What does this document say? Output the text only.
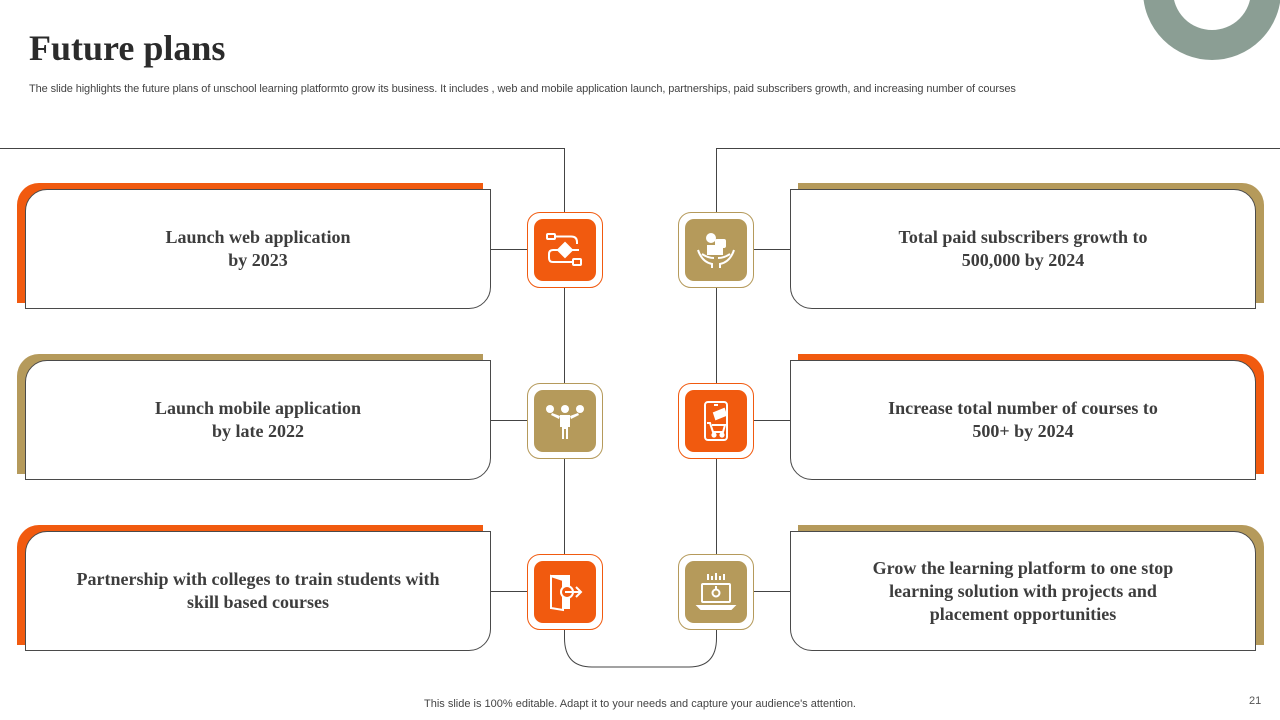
Future plans
The slide highlights the future plans of unschool learning platformto grow its business. It includes , web and mobile application launch, partnerships, paid subscribers growth, and increasing number of courses
Launch web application
by 2023
Launch mobile application
by late 2022
Partnership with colleges to train students with
skill based courses
Total paid subscribers growth to
500,000 by 2024
Increase total number of courses to
500+ by 2024
Grow the learning platform to one stop
learning solution with projects and
placement opportunities
This slide is 100% editable. Adapt it to your needs and capture your audience's attention.	21
